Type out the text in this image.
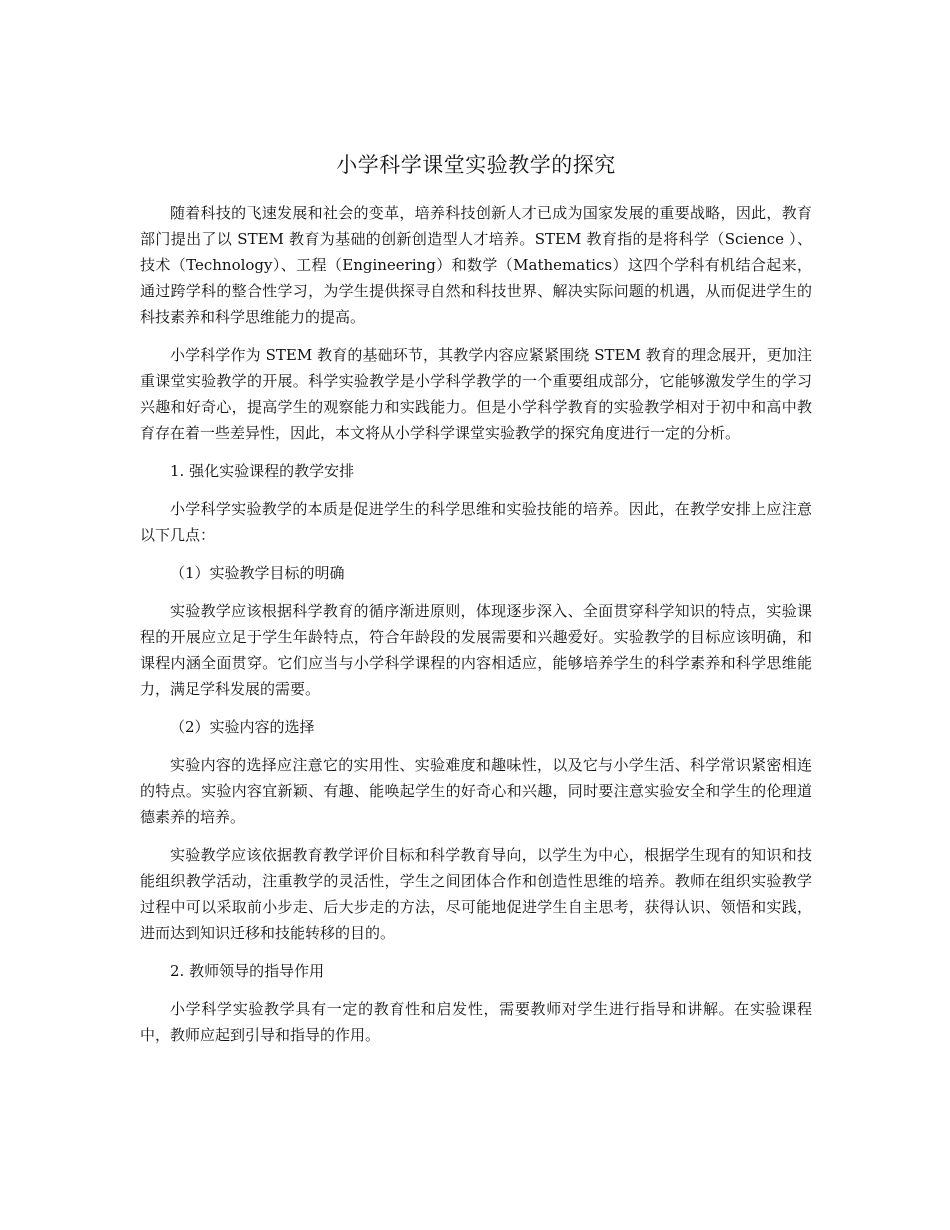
小学科学课堂实验教学的探究

随着科技的飞速发展和社会的变革，培养科技创新人才已成为国家发展的重要战略，因此，教育部门提出了以 STEM 教育为基础的创新创造型人才培养。STEM 教育指的是将科学（Science ）、技术（Technology）、工程（Engineering）和数学（Mathematics）这四个学科有机结合起来，通过跨学科的整合性学习，为学生提供探寻自然和科技世界、解决实际问题的机遇，从而促进学生的科技素养和科学思维能力的提高。

小学科学作为 STEM 教育的基础环节，其教学内容应紧紧围绕 STEM 教育的理念展开，更加注重课堂实验教学的开展。科学实验教学是小学科学教学的一个重要组成部分，它能够激发学生的学习兴趣和好奇心，提高学生的观察能力和实践能力。但是小学科学教育的实验教学相对于初中和高中教育存在着一些差异性，因此，本文将从小学科学课堂实验教学的探究角度进行一定的分析。

1. 强化实验课程的教学安排

小学科学实验教学的本质是促进学生的科学思维和实验技能的培养。因此，在教学安排上应注意以下几点：

（1）实验教学目标的明确

实验教学应该根据科学教育的循序渐进原则，体现逐步深入、全面贯穿科学知识的特点，实验课程的开展应立足于学生年龄特点，符合年龄段的发展需要和兴趣爱好。实验教学的目标应该明确，和课程内涵全面贯穿。它们应当与小学科学课程的内容相适应，能够培养学生的科学素养和科学思维能力，满足学科发展的需要。

（2）实验内容的选择

实验内容的选择应注意它的实用性、实验难度和趣味性，以及它与小学生活、科学常识紧密相连的特点。实验内容宜新颖、有趣、能唤起学生的好奇心和兴趣，同时要注意实验安全和学生的伦理道德素养的培养。

实验教学应该依据教育教学评价目标和科学教育导向，以学生为中心，根据学生现有的知识和技能组织教学活动，注重教学的灵活性，学生之间团体合作和创造性思维的培养。教师在组织实验教学过程中可以采取前小步走、后大步走的方法，尽可能地促进学生自主思考，获得认识、领悟和实践，进而达到知识迁移和技能转移的目的。

2. 教师领导的指导作用

小学科学实验教学具有一定的教育性和启发性，需要教师对学生进行指导和讲解。在实验课程中，教师应起到引导和指导的作用。
